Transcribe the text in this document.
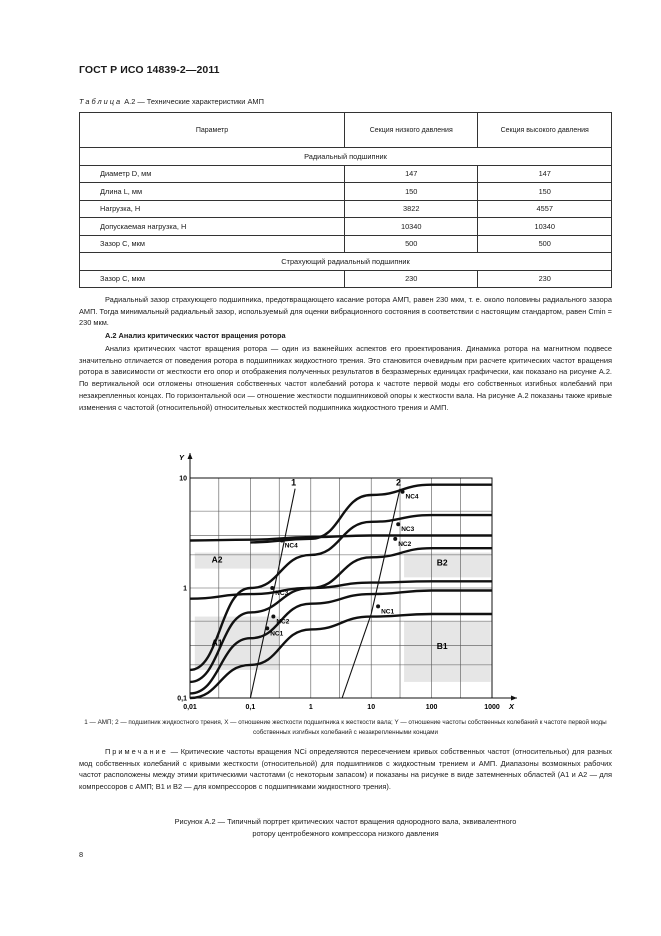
ГОСТ Р ИСО 14839-2—2011
Таблица А.2 — Технические характеристики АМП
Параметр	Секция низкого давления	Секция высокого давления
Радиальный подшипник		
Диаметр D, мм	147	147
Длина L, мм	150	150
Нагрузка, Н	3822	4557
Допускаемая нагрузка, Н	10340	10340
Зазор С, мкм	500	500
Страхующий радиальный подшипник		
Зазор С, мкм	230	230
Радиальный зазор страхующего подшипника, предотвращающего касание ротора АМП, равен 230 мкм, т. е. около половины радиального зазора АМП. Тогда минимальный радиальный зазор, используемый для оценки вибрационного состояния в соответствии с настоящим стандартом, равен Cmin = 230 мкм.
А.2 Анализ критических частот вращения ротора
Анализ критических частот вращения ротора — один из важнейших аспектов его проектирования. Динамика ротора на магнитном подвесе значительно отличается от поведения ротора в подшипниках жидкостного трения. Это становится очевидным при расчете критических частот вращения ротора в зависимости от жесткости его опор и отображения полученных результатов в безразмерных единицах графически, как показано на рисунке А.2. По вертикальной оси отложены отношения собственных частот колебаний ротора к частоте первой моды его собственных изгибных колебаний при незакрепленных концах. По горизонтальной оси — отношение жесткости подшипниковой опоры к жесткости вала. На рисунке А.2 показаны также кривые изменения с частотой (относительной) относительных жесткостей подшипника жидкостного трения и АМП.
1	2
0,01	0,1	1	10	100	1000
0,1
1
10
X
Y
A1
A2
B1
B2
NC1
NC2
NC3
NC4
NC1
NC2
NC3
NC4
1 — АМП; 2 — подшипник жидкостного трения, X — отношение жесткости подшипника к жесткости вала; Y — отношение частоты собственных колебаний к частоте первой моды собственных изгибных колебаний с незакрепленными концами
Примечание — Критические частоты вращения NCi определяются пересечением кривых собственных частот (относительных) для разных мод собственных колебаний с кривыми жесткости (относительной) для подшипников с жидкостным трением и АМП. Диапазоны возможных рабочих частот расположены между этими критическими частотами (с некоторым запасом) и показаны на рисунке в виде затемненных областей (А1 и А2 — для компрессоров с АМП; В1 и В2 — для компрессоров с подшипниками жидкостного трения).
Рисунок А.2 — Типичный портрет критических частот вращения однородного вала, эквивалентного
ротору центробежного компрессора низкого давления
8
